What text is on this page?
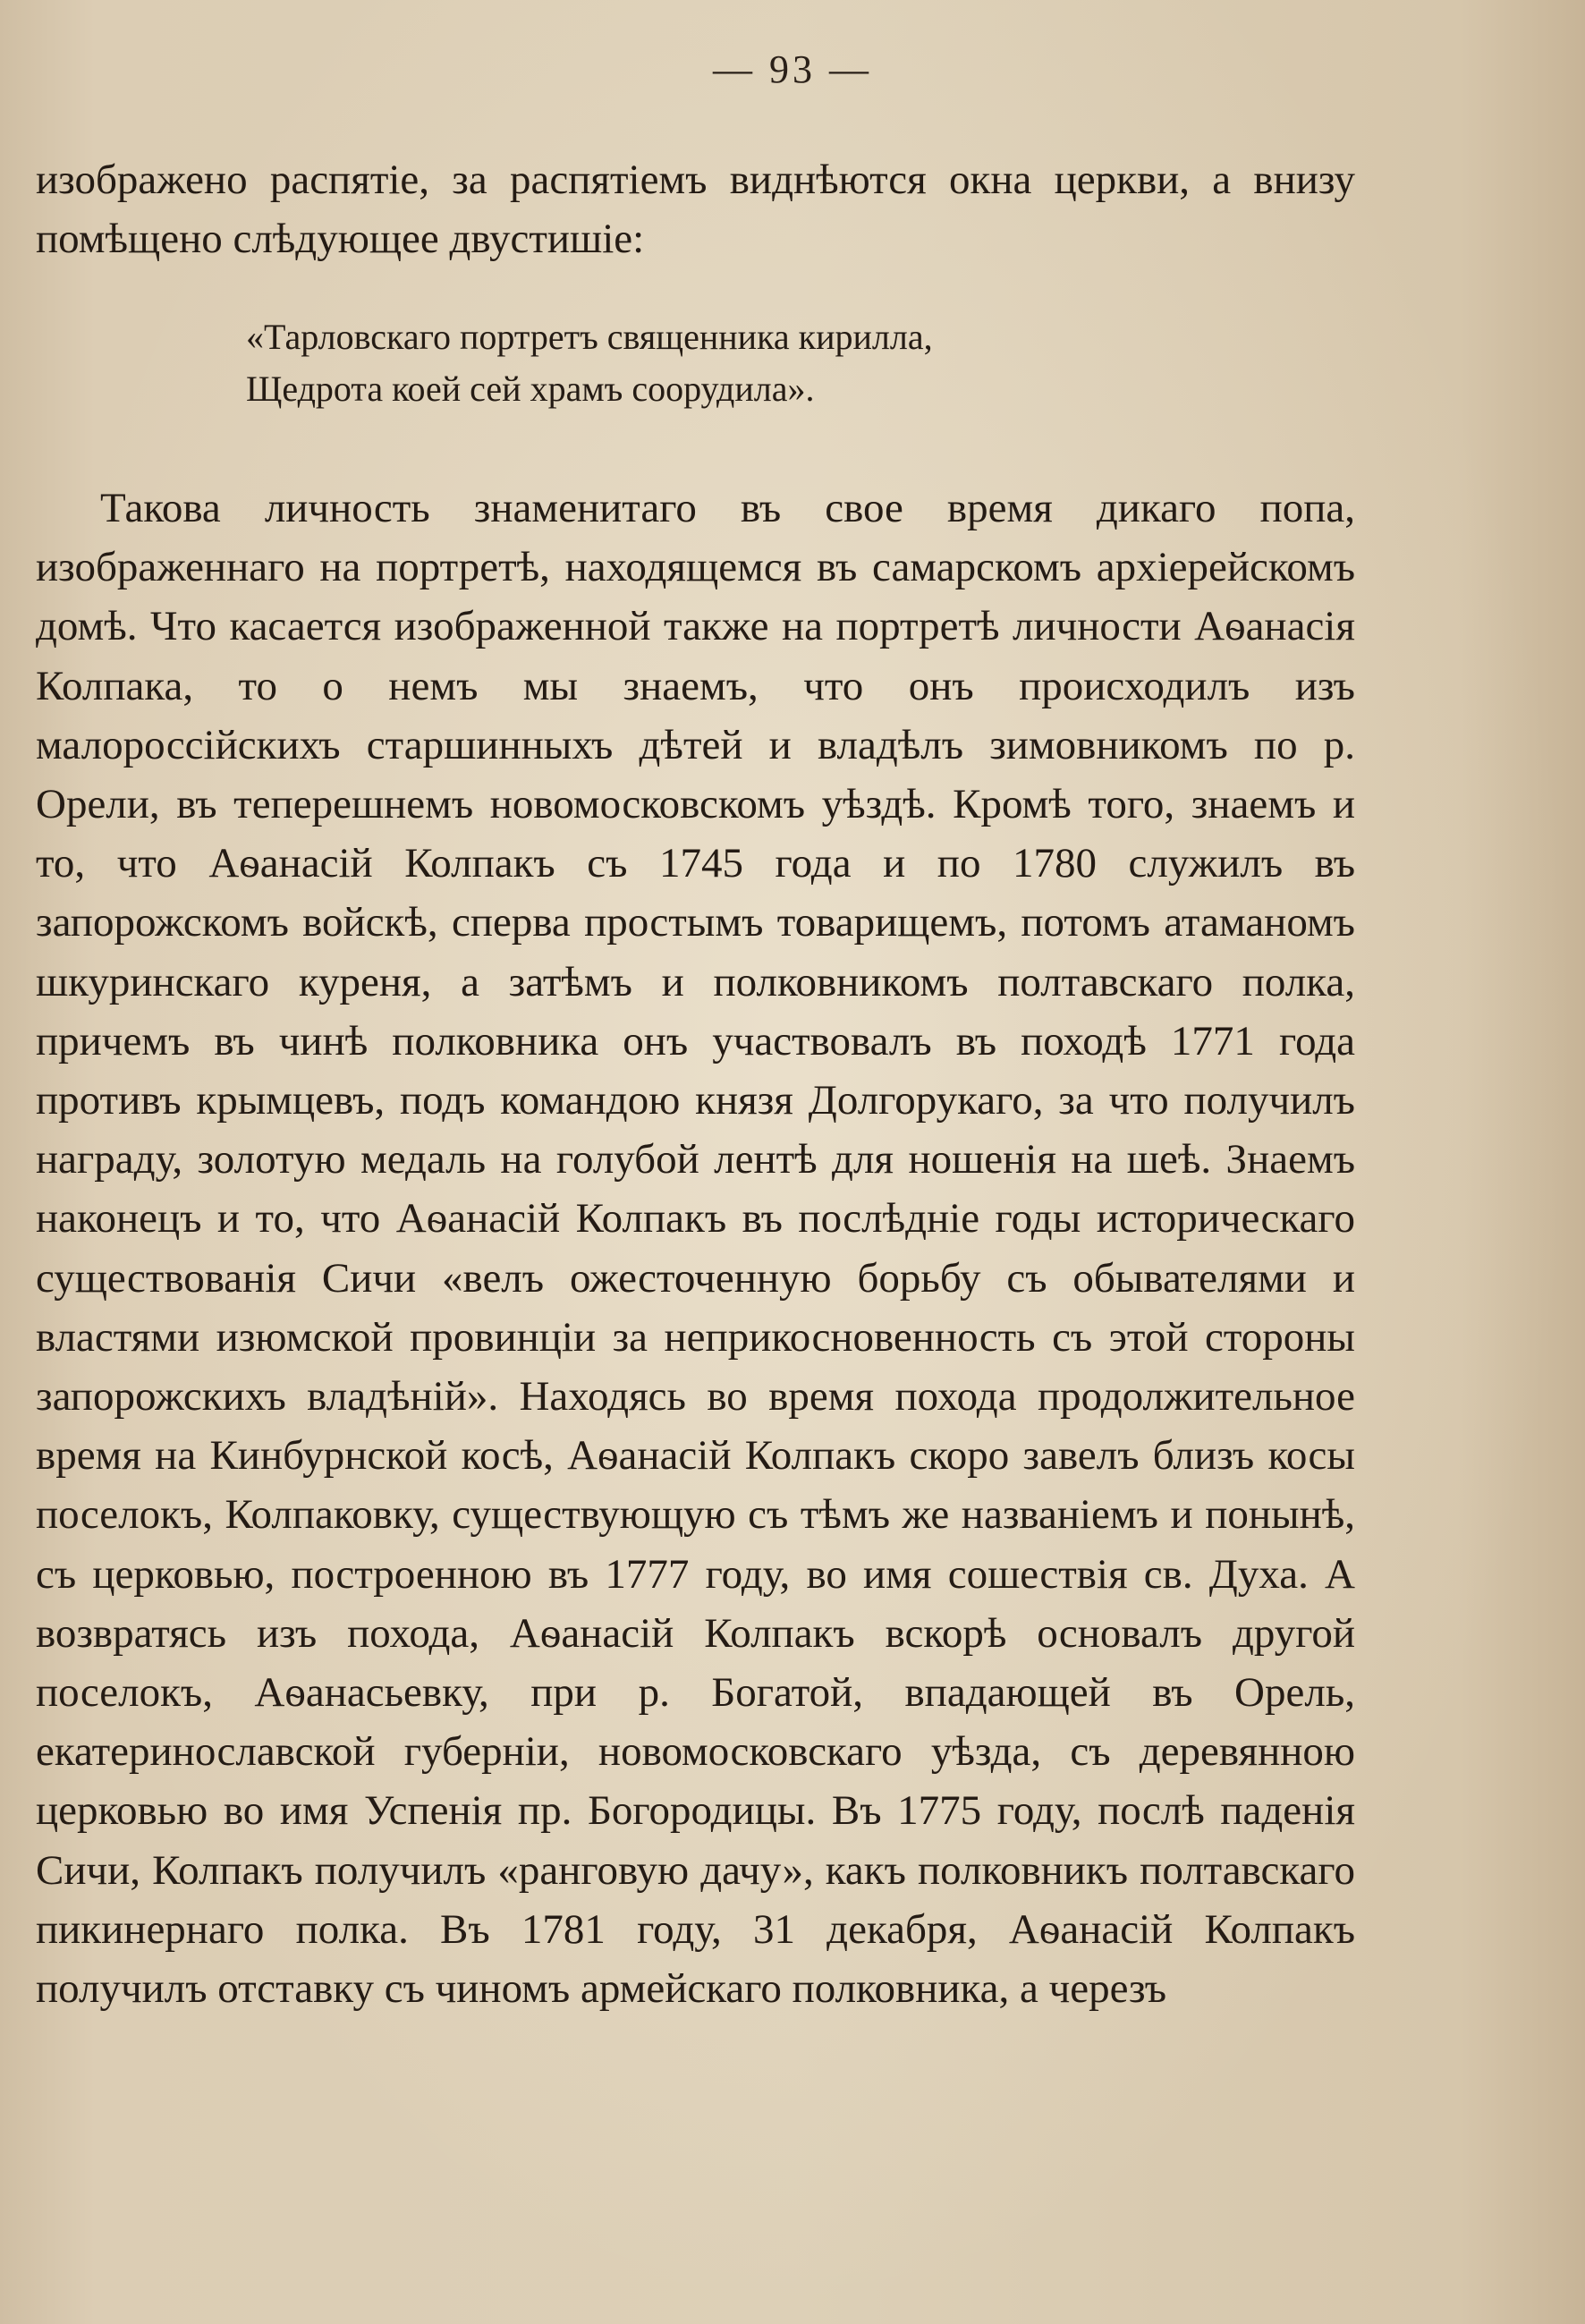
— 93 —

изображено распятіе, за распятіемъ виднѣются окна церкви, а внизу помѣщено слѣдующее двустишіе:

«Тарловскаго портретъ священника кирилла,
Щедрота коей сей храмъ соорудила».

Такова личность знаменитаго въ свое время дикаго попа, изображеннаго на портретѣ, находящемся въ самарскомъ архіерейскомъ домѣ. Что касается изображенной также на портретѣ личности Аѳанасія Колпака, то о немъ мы знаемъ, что онъ происходилъ изъ малороссійскихъ старшинныхъ дѣтей и владѣлъ зимовникомъ по р. Орели, въ теперешнемъ новомосковскомъ уѣздѣ. Кромѣ того, знаемъ и то, что Аѳанасій Колпакъ съ 1745 года и по 1780 служилъ въ запорожскомъ войскѣ, сперва простымъ товарищемъ, потомъ атаманомъ шкуринскаго куреня, а затѣмъ и полковникомъ полтавскаго полка, причемъ въ чинѣ полковника онъ участвовалъ въ походѣ 1771 года противъ крымцевъ, подъ командою князя Долгорукаго, за что получилъ награду, золотую медаль на голубой лентѣ для ношенія на шеѣ. Знаемъ наконецъ и то, что Аѳанасій Колпакъ въ послѣдніе годы историческаго существованія Сичи «велъ ожесточенную борьбу съ обывателями и властями изюмской провинціи за неприкосновенность съ этой стороны запорожскихъ владѣній». Находясь во время похода продолжительное время на Кинбурнской косѣ, Аѳанасій Колпакъ скоро завелъ близъ косы поселокъ, Колпаковку, существующую съ тѣмъ же названіемъ и понынѣ, съ церковью, построенною въ 1777 году, во имя сошествія св. Духа. А возвратясь изъ похода, Аѳанасій Колпакъ вскорѣ основалъ другой поселокъ, Аѳанасьевку, при р. Богатой, впадающей въ Орель, екатеринославской губерніи, новомосковскаго уѣзда, съ деревянною церковью во имя Успенія пр. Богородицы. Въ 1775 году, послѣ паденія Сичи, Колпакъ получилъ «ранговую дачу», какъ полковникъ полтавскаго пикинернаго полка. Въ 1781 году, 31 декабря, Аѳанасій Колпакъ получилъ отставку съ чиномъ армейскаго полковника, а черезъ
